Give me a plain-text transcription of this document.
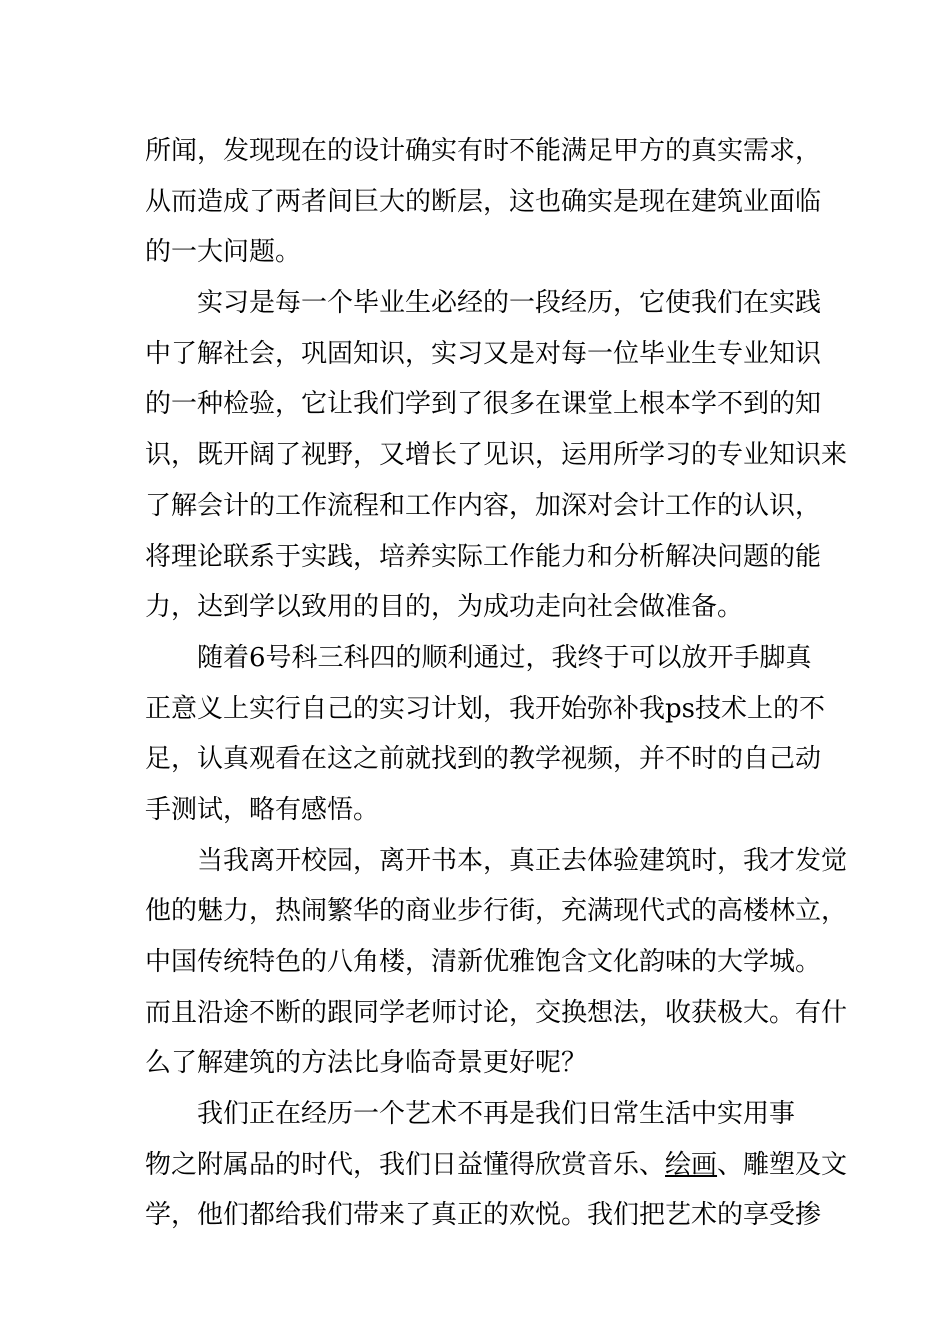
所闻，发现现在的设计确实有时不能满足甲方的真实需求，
从而造成了两者间巨大的断层，这也确实是现在建筑业面临
的一大问题。
实习是每一个毕业生必经的一段经历，它使我们在实践
中了解社会，巩固知识，实习又是对每一位毕业生专业知识
的一种检验，它让我们学到了很多在课堂上根本学不到的知
识，既开阔了视野，又增长了见识，运用所学习的专业知识来
了解会计的工作流程和工作内容，加深对会计工作的认识，
将理论联系于实践，培养实际工作能力和分析解决问题的能
力，达到学以致用的目的，为成功走向社会做准备。
随着6号科三科四的顺利通过，我终于可以放开手脚真
正意义上实行自己的实习计划，我开始弥补我ps技术上的不
足，认真观看在这之前就找到的教学视频，并不时的自己动
手测试，略有感悟。
当我离开校园，离开书本，真正去体验建筑时，我才发觉
他的魅力，热闹繁华的商业步行街，充满现代式的高楼林立，
中国传统特色的八角楼，清新优雅饱含文化韵味的大学城。
而且沿途不断的跟同学老师讨论，交换想法，收获极大。有什
么了解建筑的方法比身临奇景更好呢？
我们正在经历一个艺术不再是我们日常生活中实用事
物之附属品的时代，我们日益懂得欣赏音乐、绘画、雕塑及文
学，他们都给我们带来了真正的欢悦。我们把艺术的享受掺
